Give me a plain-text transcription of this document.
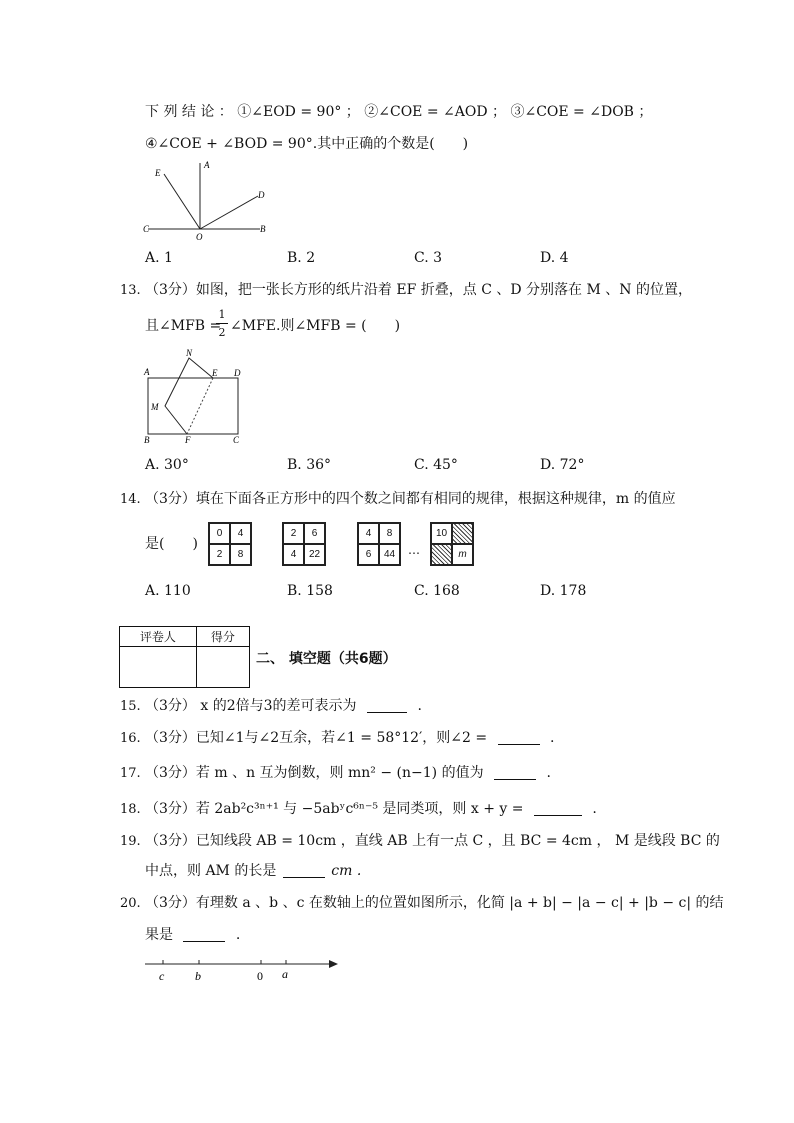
下 列 结 论 ： ①∠EOD = 90° ； ②∠COE = ∠AOD ； ③∠COE = ∠DOB ；
④∠COE + ∠BOD = 90°.其中正确的个数是(　　)
E
A
D
C
O
B
A. 1	B. 2	C. 3	D. 4
13. （3分）如图，把一张长方形的纸片沿着 EF 折叠，点 C 、D 分别落在 M 、N 的位置，
且∠MFB =
1
2 ∠MFE.则∠MFB = (　　)
A
N
E D
M
B	F	C
A. 30°	B. 36°	C. 45°	D. 72°
14. （3分）填在下面各正方形中的四个数之间都有相同的规律，根据这种规律，m 的值应
是(　　)
0	4
2	8
2	6
4	22
4	8
6	44	…
10
m
A. 110	B. 158	C. 168	D. 178
评卷人	得分

二、 填空题（共6题）
15. （3分） x 的2倍与3的差可表示为	.
16. （3分）已知∠1与∠2互余，若∠1 = 58°12′，则∠2 =	.
17. （3分）若 m 、n 互为倒数，则 mn² − (n−1) 的值为	.
18. （3分）若 2ab²c³ⁿ⁺¹ 与 −5abʸc⁶ⁿ⁻⁵ 是同类项，则 x + y =	.
19. （3分）已知线段 AB = 10cm ，直线 AB 上有一点 C ，且 BC = 4cm ， M 是线段 BC 的
中点，则 AM 的长是	cm .
20. （3分）有理数 a 、b 、c 在数轴上的位置如图所示，化简 |a + b| − |a − c| + |b − c| 的结
果是	.
c	b	0 a
